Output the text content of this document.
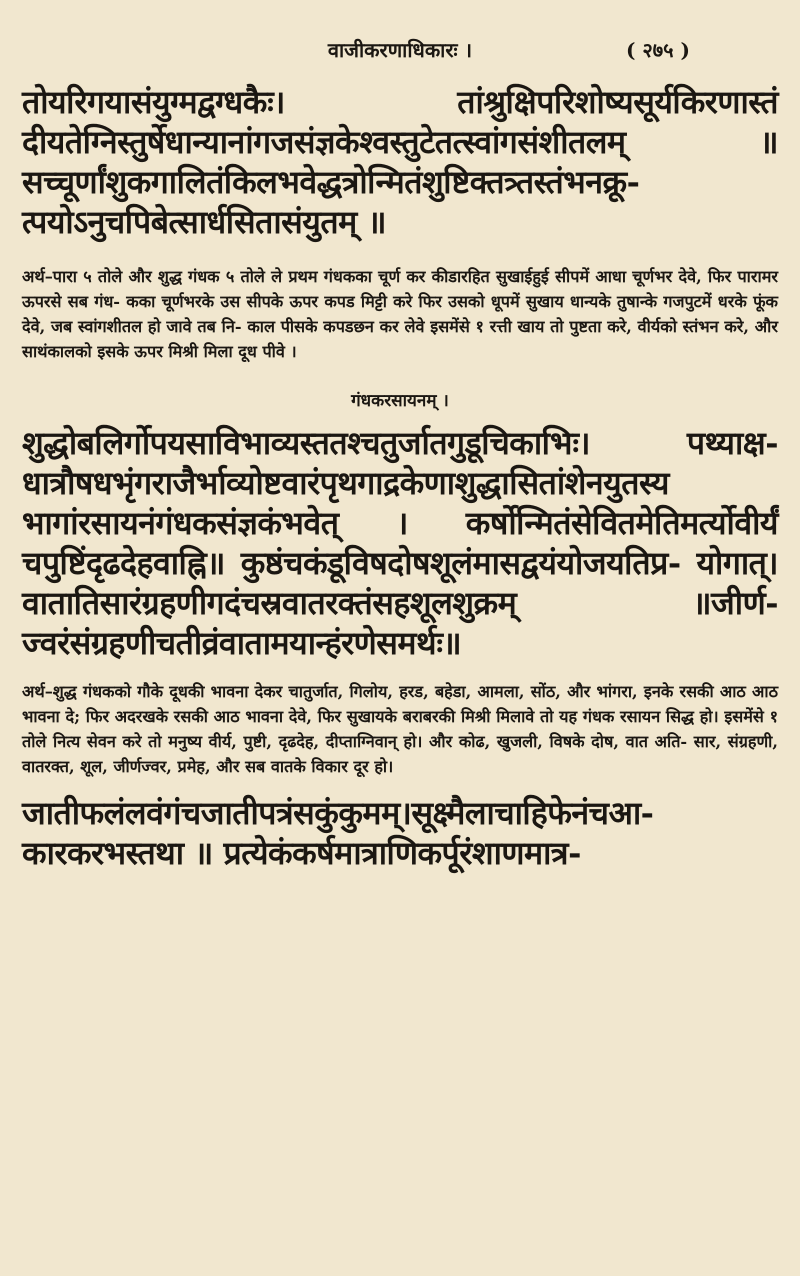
वाजीकरणाधिकारः ।	( २७५ )

तोयरिगयासंयुग्मद्वग्धकैः। तांश्रुक्षिपरिशोष्यसूर्यकिरणास्तं दीयतेग्निस्तुर्षेधान्यानांगजसंज्ञकेश्वस्तुटेतत्स्वांगसंशीतलम् ॥ सच्चूर्णांशुकगालितंकिलभवेद्धत्रोन्मितंशुष्टिक्तत्र्तस्तंभनक्रू- त्पयोऽनुचपिबेत्सार्धसितासंयुतम् ॥

अर्थ–पारा ५ तोले और शुद्ध गंधक ५ तोले ले प्रथम गंधकका चूर्ण कर कीडारहित सुखाईहुई सीपमें आधा चूर्णभर देवे, फिर पारामर ऊपरसे सब गंध- कका चूर्णभरके उस सीपके ऊपर कपड मिट्टी करे फिर उसको धूपमें सुखाय धान्यके तुषान्के गजपुटमें धरके फूंक देवे, जब स्वांगशीतल हो जावे तब नि- काल पीसके कपडछन कर लेवे इसमेंसे १ रत्ती खाय तो पुष्टता करे, वीर्यको स्तंभन करे, और साथंकालको इसके ऊपर मिश्री मिला दूध पीवे ।

गंधकरसायनम् ।

शुद्धोबलिर्गोपयसाविभाव्यस्ततश्चतुर्जातगुडूचिकाभिः। पथ्याक्ष- धात्रौषधभृंगराजैर्भाव्योष्टवारंपृथगाद्रकेणाशुद्धासितांशेनयुतस्य भागांरसायनंगंधकसंज्ञकंभवेत् । कर्षोन्मितंसेवितमेतिमर्त्योवीर्यं चपुष्टिंदृढदेहवाह्नि॥ कुष्ठंचकंडूविषदोषशूलंमासद्वयंयोजयतिप्र- योगात्। वातातिसारंग्रहणीगदंचस्रवातरक्तंसहशूलशुक्रम् ॥जीर्ण- ज्वरंसंग्रहणीचतीव्रंवातामयान्हंरणेसमर्थः॥

अर्थ–शुद्ध गंधकको गौके दूधकी भावना देकर चातुर्जात, गिलोय, हरड, बहेडा, आमला, सोंठ, और भांगरा, इनके रसकी आठ आठ भावना दे; फिर अदरखके रसकी आठ भावना देवे, फिर सुखायके बराबरकी मिश्री मिलावे तो यह गंधक रसायन सिद्ध हो। इसमेंसे १ तोले नित्य सेवन करे तो मनुष्य वीर्य, पुष्टी, दृढदेह, दीप्ताग्निवान् हो। और कोढ, खुजली, विषके दोष, वात अति- सार, संग्रहणी, वातरक्त, शूल, जीर्णज्वर, प्रमेह, और सब वातके विकार दूर हो।

जातीफलंलवंगंचजातीपत्रंसकुंकुमम्।सूक्ष्मैलाचाहिफेनंचआ- कारकरभस्तथा ॥ प्रत्येकंकर्षमात्राणिकर्पूरंशाणमात्र-
